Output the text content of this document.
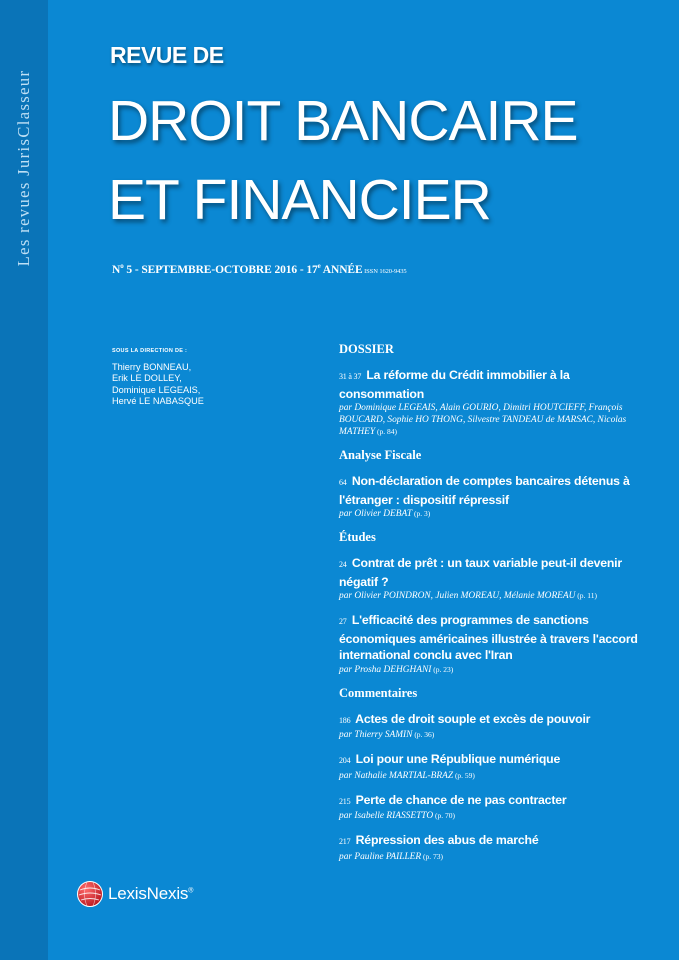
Les revues JurisClasseur
REVUE DE
DROIT BANCAIRE
ET FINANCIER
$N^o$ 5 - SEPTEMBRE-OCTOBRE 2016 - 17e ANNÉE ISSN 1620-9435
SOUS LA DIRECTION DE :
Thierry BONNEAU,
Erik LE DOLLEY,
Dominique LEGEAIS,
Hervé LE NABASQUE
DOSSIER
31 à 37 La réforme du Crédit immobilier à la consommation
par Dominique LEGEAIS, Alain GOURIO, Dimitri HOUTCIEFF, François BOUCARD, Sophie HO THONG, Silvestre TANDEAU de MARSAC, Nicolas MATHEY (p. 84)
Analyse Fiscale
64 Non-déclaration de comptes bancaires détenus à l'étranger : dispositif répressif
par Olivier DEBAT (p. 3)
Études
24 Contrat de prêt : un taux variable peut-il devenir négatif ?
par Olivier POINDRON, Julien MOREAU, Mélanie MOREAU (p. 11)
27 L'efficacité des programmes de sanctions économiques américaines illustrée à travers l'accord international conclu avec l'Iran
par Prosha DEHGHANI (p. 23)
Commentaires
186 Actes de droit souple et excès de pouvoir
par Thierry SAMIN (p. 36)
204 Loi pour une République numérique
par Nathalie MARTIAL-BRAZ (p. 59)
215 Perte de chance de ne pas contracter
par Isabelle RIASSETTO (p. 70)
217 Répression des abus de marché
par Pauline PAILLER (p. 73)
LexisNexis®
